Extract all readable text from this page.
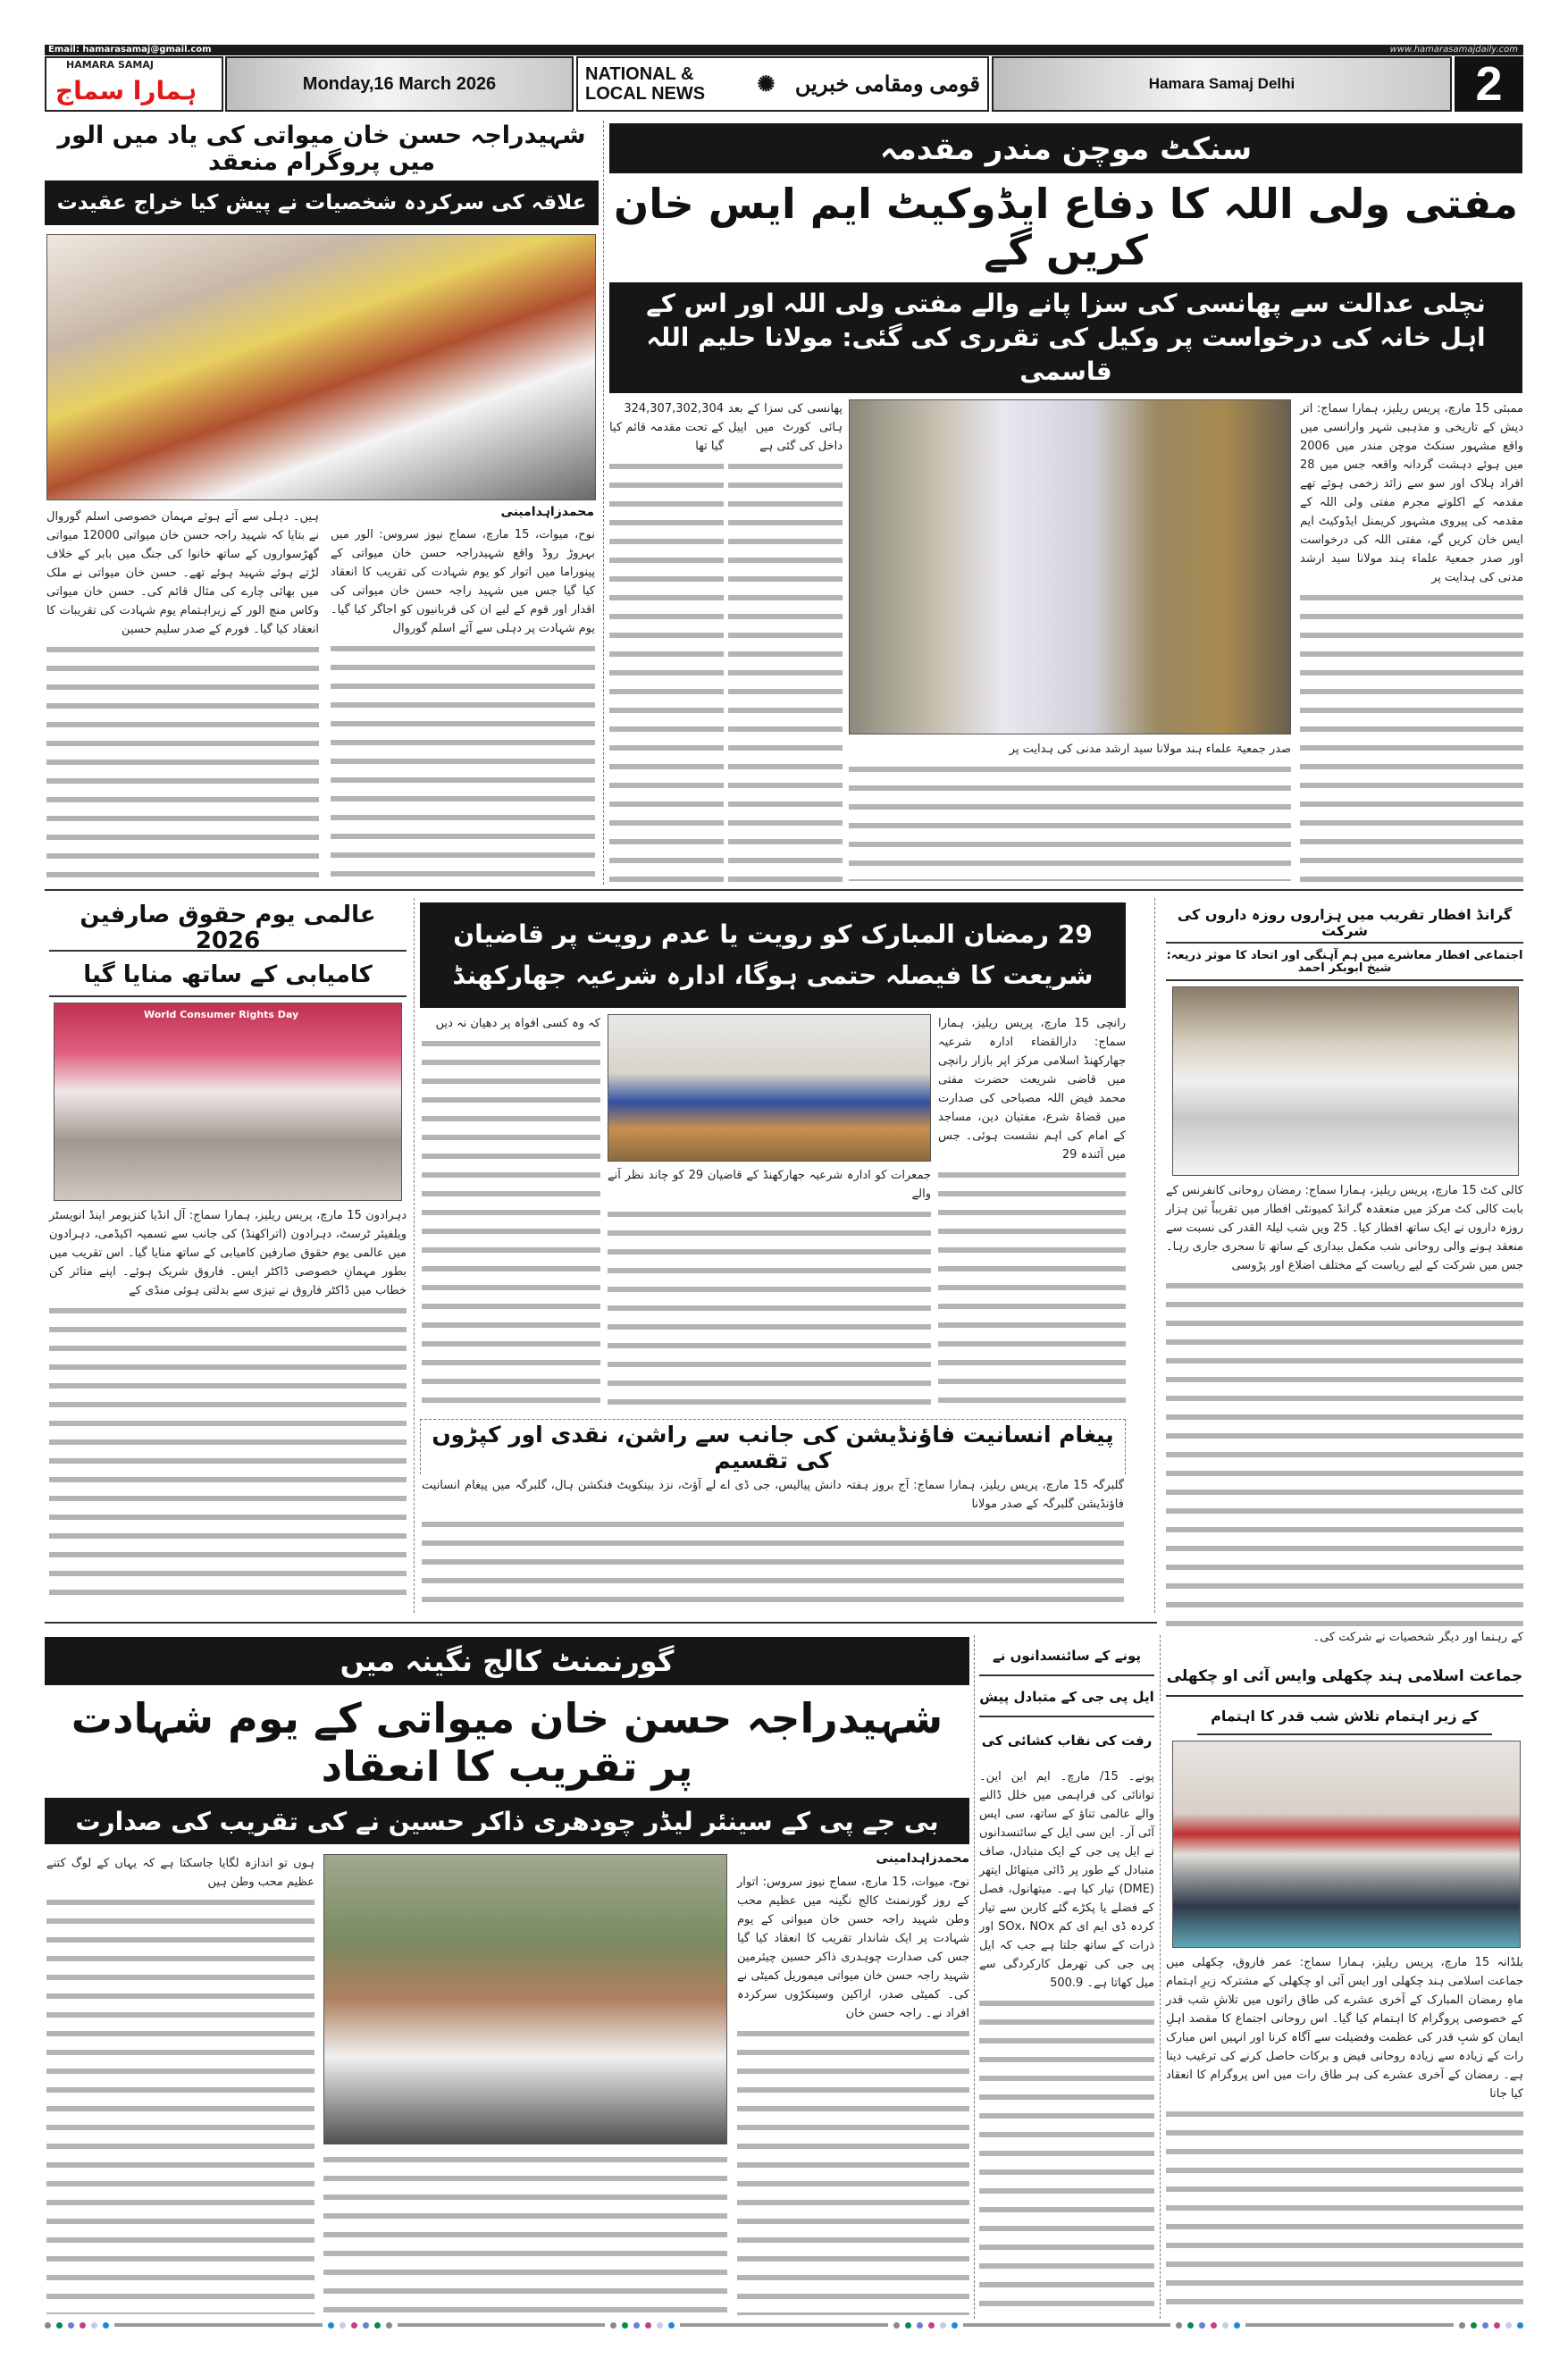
Email: hamarasamaj@gmail.com	www.hamarasamajdaily.com
HAMARA SAMAJ
ہمارا سماج	Monday,16 March 2026	NATIONAL & LOCAL NEWS	✺ قومی ومقامی خبریں	Hamara Samaj Delhi	2
شہیدراجہ حسن خان میواتی کی یاد میں الور میں پروگرام منعقد
علاقہ کی سرکردہ شخصیات نے پیش کیا خراج عقیدت
محمدزاہدامینی
نوح، میوات، 15 مارچ، سماج نیوز سروس: الور میں بہروڑ روڈ واقع شہیدراجہ حسن خان میواتی کے پینوراما میں اتوار کو یوم شہادت کی تقریب کا انعقاد کیا گیا جس میں شہید راجہ حسن خان میواتی کی اقدار اور قوم کے لیے ان کی قربانیوں کو اجاگر کیا گیا۔ یوم شہادت پر دہلی سے آئے اسلم گوروال
ہیں۔ دہلی سے آئے ہوئے مہمان خصوصی اسلم گوروال نے بتایا کہ شہید راجہ حسن خان میواتی 12000 میواتی گھڑسواروں کے ساتھ خانوا کی جنگ میں بابر کے خلاف لڑتے ہوئے شہید ہوئے تھے۔ حسن خان میواتی نے ملک میں بھائی چارے کی مثال قائم کی۔ حسن خان میواتی وکاس منچ الور کے زیراہتمام یوم شہادت کی تقریبات کا انعقاد کیا گیا۔ فورم کے صدر سلیم حسین
سنکٹ موچن مندر مقدمہ
مفتی ولی اللہ کا دفاع ایڈوکیٹ ایم ایس خان کریں گے
نچلی عدالت سے پھانسی کی سزا پانے والے مفتی ولی اللہ اور اس کے اہل خانہ کی درخواست پر وکیل کی تقرری کی گئی: مولانا حلیم اللہ قاسمی
ممبئی 15 مارچ، پریس ریلیز، ہمارا سماج: اتر دیش کے تاریخی و مذہبی شہر وارانسی میں واقع مشہور سنکٹ موچن مندر میں 2006 میں ہوئے دہشت گردانہ واقعہ جس میں 28 افراد ہلاک اور سو سے زائد زخمی ہوئے تھے مقدمہ کے اکلوتے مجرم مفتی ولی اللہ کے مقدمہ کی پیروی مشہور کریمنل ایڈوکیٹ ایم ایس خان کریں گے، مفتی اللہ کی درخواست اور صدر جمعیۃ علماء ہند مولانا سید ارشد مدنی کی ہدایت پر
صدر جمعیۃ علماء ہند مولانا سید ارشد مدنی کی ہدایت پر
پھانسی کی سزا کے بعد ہائی کورٹ میں اپیل داخل کی گئی ہے
324,307,302,304 کے تحت مقدمہ قائم کیا گیا تھا
عالمی یوم حقوق صارفین 2026
کامیابی کے ساتھ منایا گیا
World Consumer Rights Day
دہرادون 15 مارچ، پریس ریلیز، ہمارا سماج: آل انڈیا کنزیومر اینڈ انویسٹر ویلفیئر ٹرسٹ، دہرادون (اتراکھنڈ) کی جانب سے تسمیہ اکیڈمی، دہرادون میں عالمی یوم حقوق صارفین کامیابی کے ساتھ منایا گیا۔ اس تقریب میں بطور مہمانِ خصوصی ڈاکٹر ایس۔ فاروق شریک ہوئے۔ اپنے متاثر کن خطاب میں ڈاکٹر فاروق نے تیزی سے بدلتی ہوئی منڈی کے
29 رمضان المبارک کو رویت یا عدم رویت پر قاضیان شریعت کا فیصلہ حتمی ہوگا، ادارہ شرعیہ جھارکھنڈ
رانچی 15 مارچ، پریس ریلیز، ہمارا سماج: دارالقضاء ادارہ شرعیہ جھارکھنڈ اسلامی مرکز اپر بازار رانچی میں قاضی شریعت حضرت مفتی محمد فیض اللہ مصباحی کی صدارت میں قضاۃ شرع، مفتیان دین، مساجد کے امام کی اہم نشست ہوئی۔ جس میں آئندہ 29
جمعرات کو ادارہ شرعیہ جھارکھنڈ کے قاضیان 29 کو چاند نظر آنے والے
کہ وہ کسی افواہ پر دھیان نہ دیں
پیغام انسانیت فاؤنڈیشن کی جانب سے راشن، نقدی اور کپڑوں کی تقسیم
گلبرگہ 15 مارچ، پریس ریلیز، ہمارا سماج: آج بروز ہفتہ دانش پیالیس، جی ڈی اے لے آؤٹ، نزد بینکویٹ فنکشن ہال، گلبرگہ میں پیغام انسانیت فاؤنڈیشن گلبرگہ کے صدر مولانا
گرانڈ افطار تقریب میں ہزاروں روزہ داروں کی شرکت
اجتماعی افطار معاشرے میں ہم آہنگی اور اتحاد کا موثر ذریعہ: شیخ ابوبکر احمد
کالی کٹ 15 مارچ، پریس ریلیز، ہمارا سماج: رمضان روحانی کانفرنس کے بابت کالی کٹ مرکز میں منعقدہ گرانڈ کمیونٹی افطار میں تقریباً تین ہزار روزہ داروں نے ایک ساتھ افطار کیا۔ 25 ویں شب لیلۃ القدر کی نسبت سے منعقد ہونے والی روحانی شب مکمل بیداری کے ساتھ تا سحری جاری رہا۔ جس میں شرکت کے لیے ریاست کے مختلف اضلاع اور پڑوسی
کے رہنما اور دیگر شخصیات نے شرکت کی۔
گورنمنٹ کالج نگینہ میں
شہیدراجہ حسن خان میواتی کے یوم شہادت پر تقریب کا انعقاد
بی جے پی کے سینئر لیڈر چودھری ذاکر حسین نے کی تقریب کی صدارت
محمدزاہدامینی
نوح، میوات، 15 مارچ، سماج نیوز سروس: اتوار کے روز گورنمنٹ کالج نگینہ میں عظیم محب وطن شہید راجہ حسن خان میواتی کے یوم شہادت پر ایک شاندار تقریب کا انعقاد کیا گیا جس کی صدارت چوہدری ذاکر حسین چیئرمین شہید راجہ حسن خان میواتی میموریل کمیٹی نے کی۔ کمیٹی صدر، اراکین وسینکڑوں سرکردہ افراد نے۔ راجہ حسن خان
ہوں تو اندازہ لگایا جاسکتا ہے کہ یہاں کے لوگ کتنے عظیم محب وطن ہیں
پونے کے سائنسدانوں نے
ایل پی جی کے متبادل پیش
رفت کی نقاب کشائی کی
پونے۔ 15/ مارچ۔ ایم این این۔ توانائی کی فراہمی میں خلل ڈالنے والے عالمی تناؤ کے ساتھ، سی ایس آئی آر۔ این سی ایل کے سائنسدانوں نے ایل پی جی کے ایک متبادل، صاف متبادل کے طور پر ڈائی میتھائل ایتھر (DME) تیار کیا ہے۔ میتھانول، فصل کے فضلے یا پکڑے گئے کاربن سے تیار کردہ ڈی ایم ای کم SOx، NOx اور ذرات کے ساتھ جلتا ہے جب کہ ایل پی جی کی تھرمل کارکردگی سے میل کھاتا ہے۔ 500.9
جماعت اسلامی ہند چکھلی وایس آئی او چکھلی
کے زیر اہتمام تلاش شب قدر کا اہتمام
بلڈانہ 15 مارچ، پریس ریلیز، ہمارا سماج: عمر فاروق، چکھلی میں جماعت اسلامی ہند چکھلی اور ایس آئی او چکھلی کے مشترکہ زیرِ اہتمام ماہِ رمضان المبارک کے آخری عشرے کی طاق راتوں میں تلاشِ شب قدر کے خصوصی پروگرام کا اہتمام کیا گیا۔ اس روحانی اجتماع کا مقصد اہلِ ایمان کو شبِ قدر کی عظمت وفضیلت سے آگاہ کرنا اور انہیں اس مبارک رات کے زیادہ سے زیادہ روحانی فیض و برکات حاصل کرنے کی ترغیب دینا ہے۔ رمضان کے آخری عشرے کی ہر طاق رات میں اس پروگرام کا انعقاد کیا جاتا
